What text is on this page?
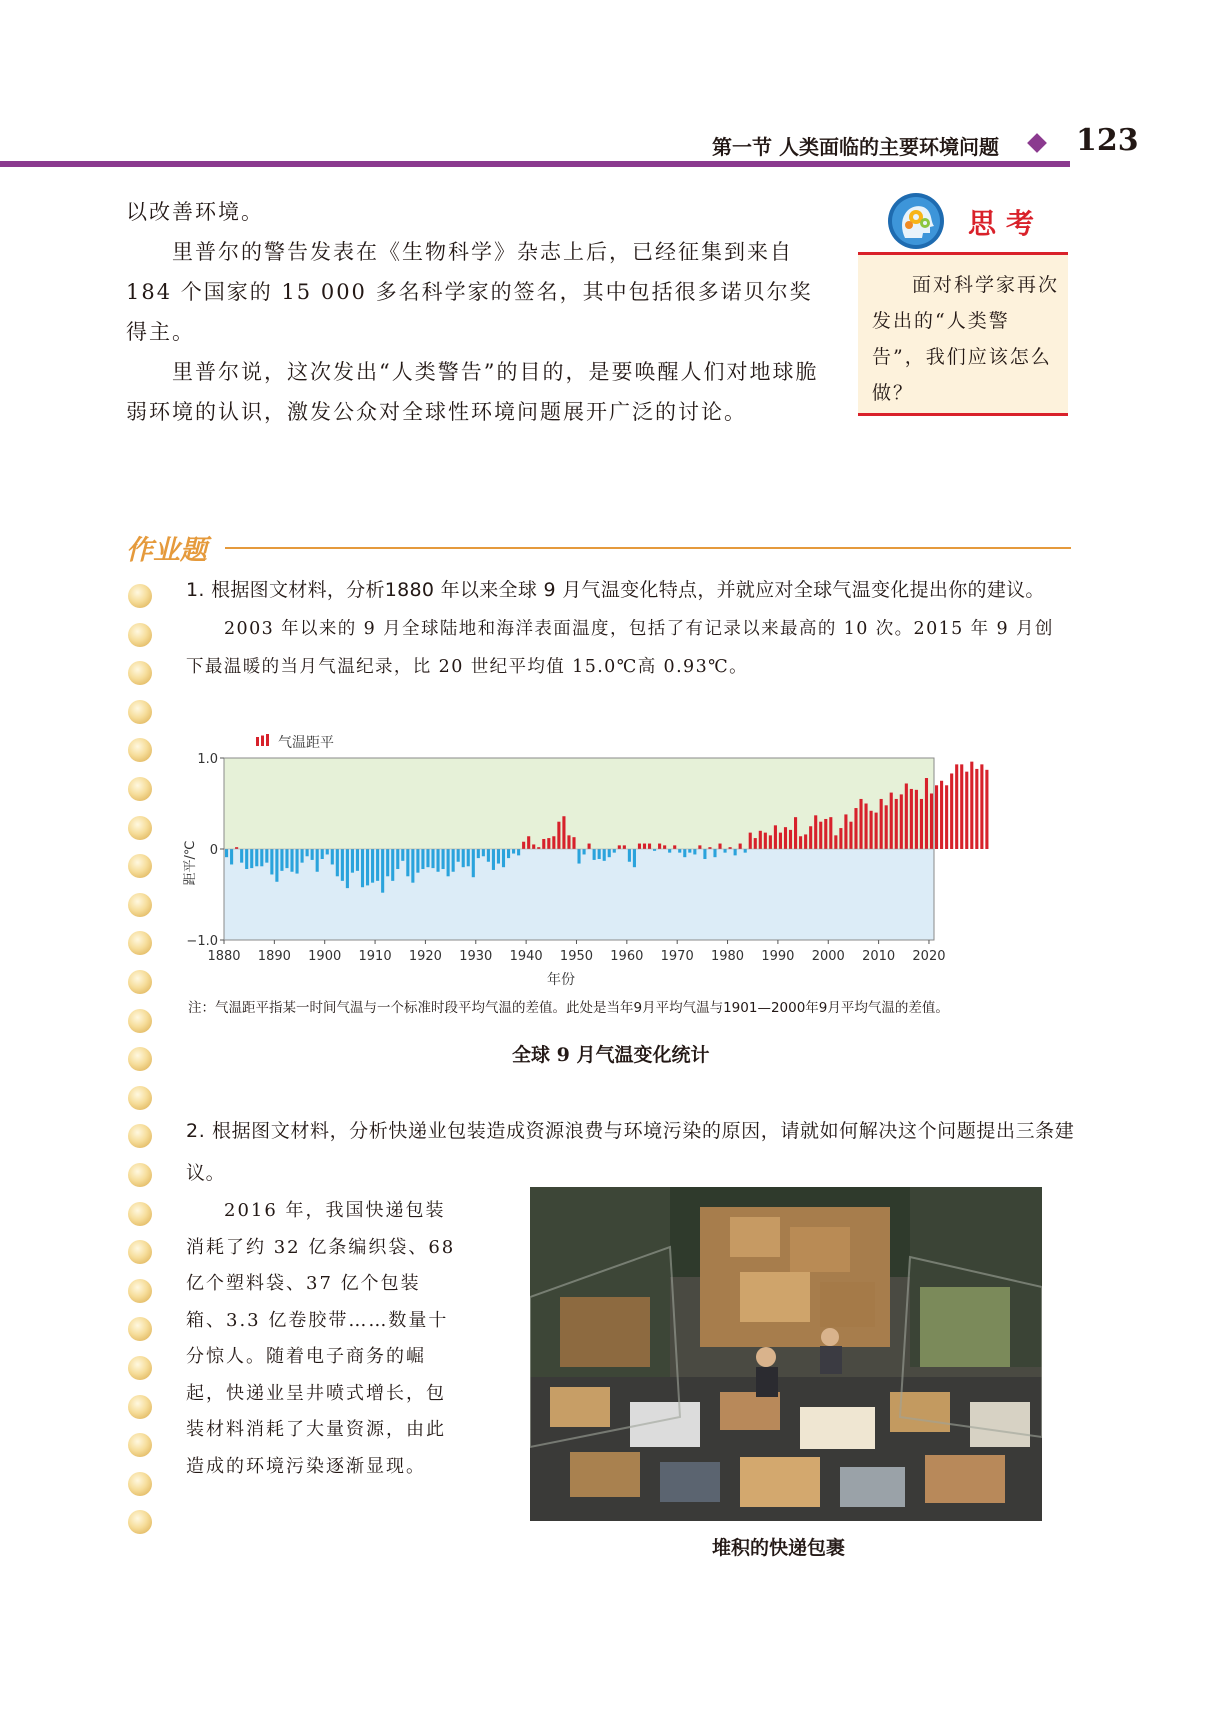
第一节 人类面临的主要环境问题	123

以改善环境。

里普尔的警告发表在《生物科学》杂志上后，已经征集到来自 184 个国家的 15 000 多名科学家的签名，其中包括很多诺贝尔奖得主。

里普尔说，这次发出“人类警告”的目的，是要唤醒人们对地球脆弱环境的认识，激发公众对全球性环境问题展开广泛的讨论。

思考

面对科学家再次发出的“人类警告”，我们应该怎么做？

作业题
1. 根据图文材料，分析1880 年以来全球 9 月气温变化特点，并就应对全球气温变化提出你的建议。
2003 年以来的 9 月全球陆地和海洋表面温度，包括了有记录以来最高的 10 次。2015 年 9 月创下最温暖的当月气温纪录，比 20 世纪平均值 15.0℃高 0.93℃。
1.0
0
−1.0
1880 1890 1900 1910 1920 1930 1940 1950 1960 1970 1980 1990 2000 2010 2020
年份
距平/℃
气温距平
注：气温距平指某一时间气温与一个标准时段平均气温的差值。此处是当年9月平均气温与1901—2000年9月平均气温的差值。
全球 9 月气温变化统计
2. 根据图文材料，分析快递业包装造成资源浪费与环境污染的原因，请就如何解决这个问题提出三条建议。
2016 年，我国快递包装消耗了约 32 亿条编织袋、68亿个塑料袋、37 亿个包装箱、3.3 亿卷胶带……数量十分惊人。随着电子商务的崛起，快递业呈井喷式增长，包装材料消耗了大量资源，由此造成的环境污染逐渐显现。
堆积的快递包裹
